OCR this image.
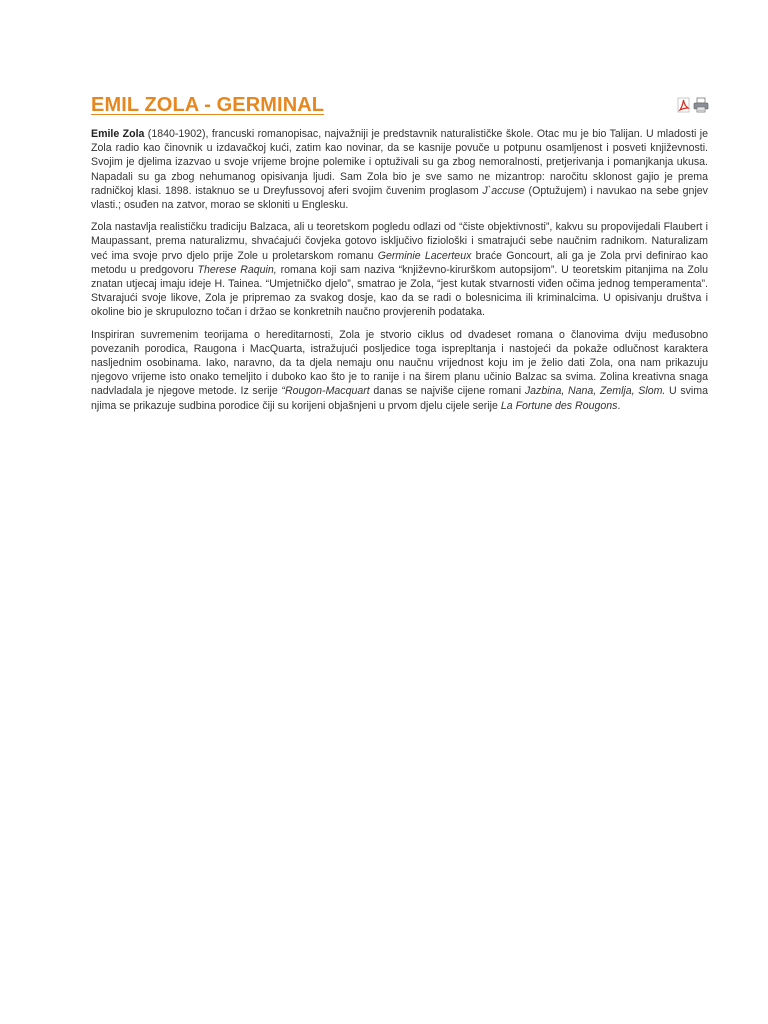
EMIL ZOLA - GERMINAL

Emile Zola (1840-1902), francuski romanopisac, najvažniji je predstavnik naturalističke škole. Otac mu je bio Talijan. U mladosti je Zola radio kao činovnik u izdavačkoj kući, zatim kao novinar, da se kasnije povuče u potpunu osamljenost i posveti književnosti. Svojim je djelima izazvao u svoje vrijeme brojne polemike i optuživali su ga zbog nemoralnosti, pretjerivanja i pomanjkanja ukusa. Napadali su ga zbog nehumanog opisivanja ljudi. Sam Zola bio je sve samo ne mizantrop: naročitu sklonost gajio je prema radničkoj klasi. 1898. istaknuo se u Dreyfussovoj aferi svojim čuvenim proglasom J`accuse (Optužujem) i navukao na sebe gnjev vlasti.; osuđen na zatvor, morao se skloniti u Englesku.

Zola nastavlja realističku tradiciju Balzaca, ali u teoretskom pogledu odlazi od “čiste objektivnosti”, kakvu su propovijedali Flaubert i Maupassant, prema naturalizmu, shvaćajući čovjeka gotovo isključivo fiziološki i smatrajući sebe naučnim radnikom. Naturalizam već ima svoje prvo djelo prije Zole u proletarskom romanu Germinie Lacerteux braće Goncourt, ali ga je Zola prvi definirao kao metodu u predgovoru Therese Raquin, romana koji sam naziva “književno-kirurškom autopsijom”. U teoretskim pitanjima na Zolu znatan utjecaj imaju ideje H. Tainea. “Umjetničko djelo”, smatrao je Zola, “jest kutak stvarnosti viđen očima jednog temperamenta”. Stvarajući svoje likove, Zola je pripremao za svakog dosje, kao da se radi o bolesnicima ili kriminalcima. U opisivanju društva i okoline bio je skrupulozno točan i držao se konkretnih naučno provjerenih podataka.

Inspiriran suvremenim teorijama o hereditarnosti, Zola je stvorio ciklus od dvadeset romana o članovima dviju međusobno povezanih porodica, Raugona i MacQuarta, istražujući posljedice toga isprepltanja i nastojeći da pokaže odlučnost karaktera nasljednim osobinama. Iako, naravno, da ta djela nemaju onu naučnu vrijednost koju im je želio dati Zola, ona nam prikazuju njegovo vrijeme isto onako temeljito i duboko kao što je to ranije i na širem planu učinio Balzac sa svima. Zolina kreativna snaga nadvladala je njegove metode. Iz serije “Rougon-Macquart danas se najviše cijene romani Jazbina, Nana, Zemlja, Slom. U svima njima se prikazuje sudbina porodice čiji su korijeni objašnjeni u prvom djelu cijele serije La Fortune des Rougons.
